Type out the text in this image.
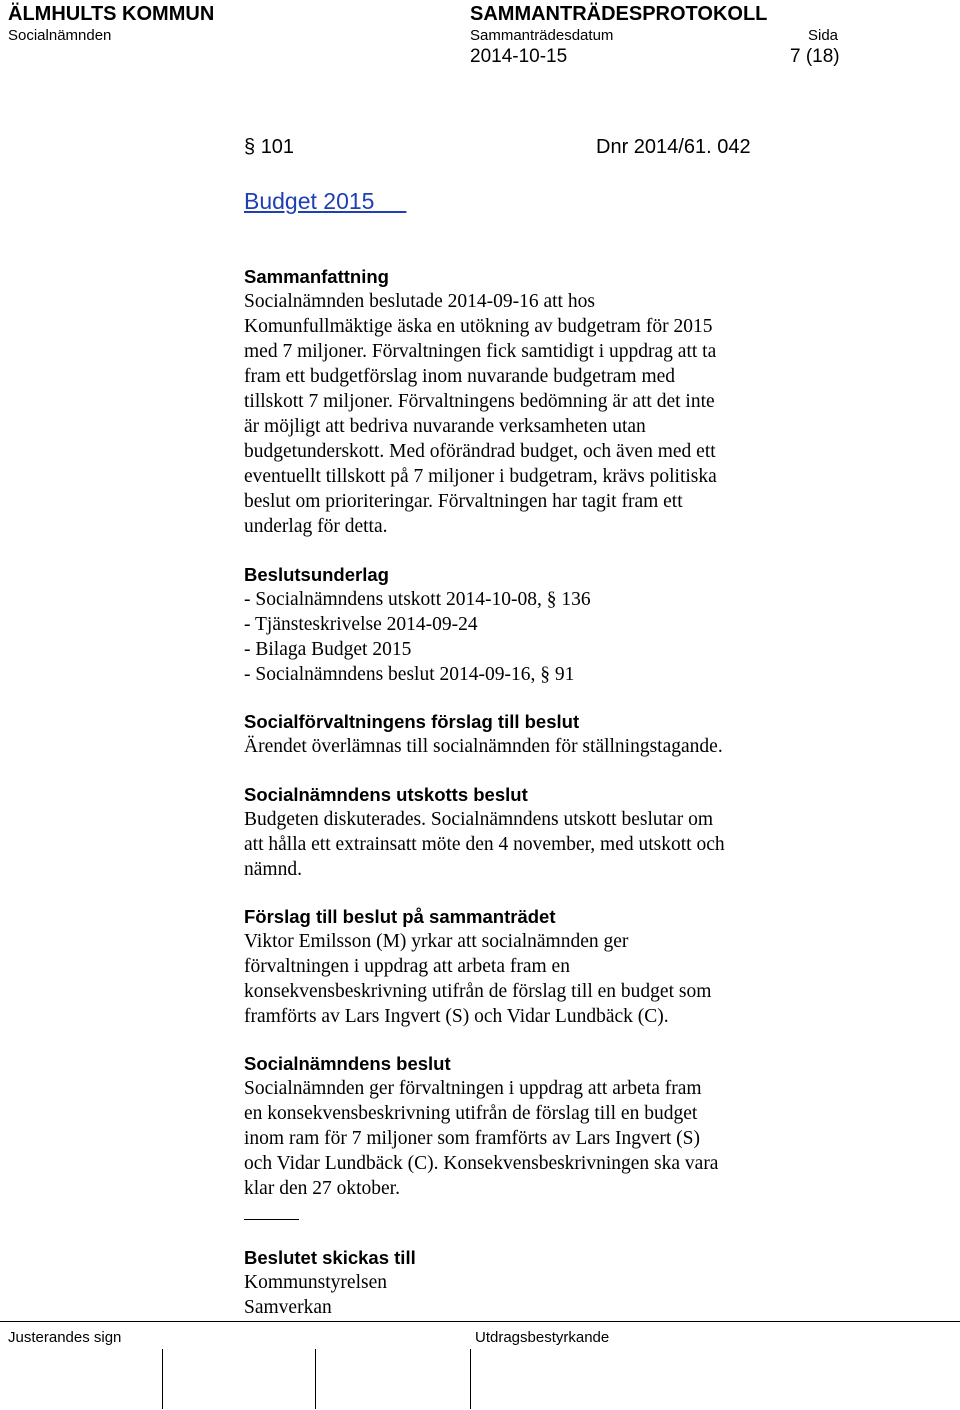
ÄLMHULTS KOMMUN	SAMMANTRÄDESPROTOKOLL
Socialnämnden	Sammanträdesdatum	Sida
2014-10-15	7 (18)
§ 101	Dnr 2014/61. 042
Budget 2015
Sammanfattning
Socialnämnden beslutade 2014-09-16 att hos
Komunfullmäktige äska en utökning av budgetram för 2015
med 7 miljoner. Förvaltningen fick samtidigt i uppdrag att ta
fram ett budgetförslag inom nuvarande budgetram med
tillskott 7 miljoner. Förvaltningens bedömning är att det inte
är möjligt att bedriva nuvarande verksamheten utan
budgetunderskott. Med oförändrad budget, och även med ett
eventuellt tillskott på 7 miljoner i budgetram, krävs politiska
beslut om prioriteringar. Förvaltningen har tagit fram ett
underlag för detta.
Beslutsunderlag
- Socialnämndens utskott 2014-10-08, § 136
- Tjänsteskrivelse 2014-09-24
- Bilaga Budget 2015
- Socialnämndens beslut 2014-09-16, § 91
Socialförvaltningens förslag till beslut
Ärendet överlämnas till socialnämnden för ställningstagande.
Socialnämndens utskotts beslut
Budgeten diskuterades. Socialnämndens utskott beslutar om
att hålla ett extrainsatt möte den 4 november, med utskott och
nämnd.
Förslag till beslut på sammanträdet
Viktor Emilsson (M) yrkar att socialnämnden ger
förvaltningen i uppdrag att arbeta fram en
konsekvensbeskrivning utifrån de förslag till en budget som
framförts av Lars Ingvert (S) och Vidar Lundbäck (C).
Socialnämndens beslut
Socialnämnden ger förvaltningen i uppdrag att arbeta fram
en konsekvensbeskrivning utifrån de förslag till en budget
inom ram för 7 miljoner som framförts av Lars Ingvert (S)
och Vidar Lundbäck (C). Konsekvensbeskrivningen ska vara
klar den 27 oktober.
Beslutet skickas till
Kommunstyrelsen
Samverkan
Justerandes sign	Utdragsbestyrkande
